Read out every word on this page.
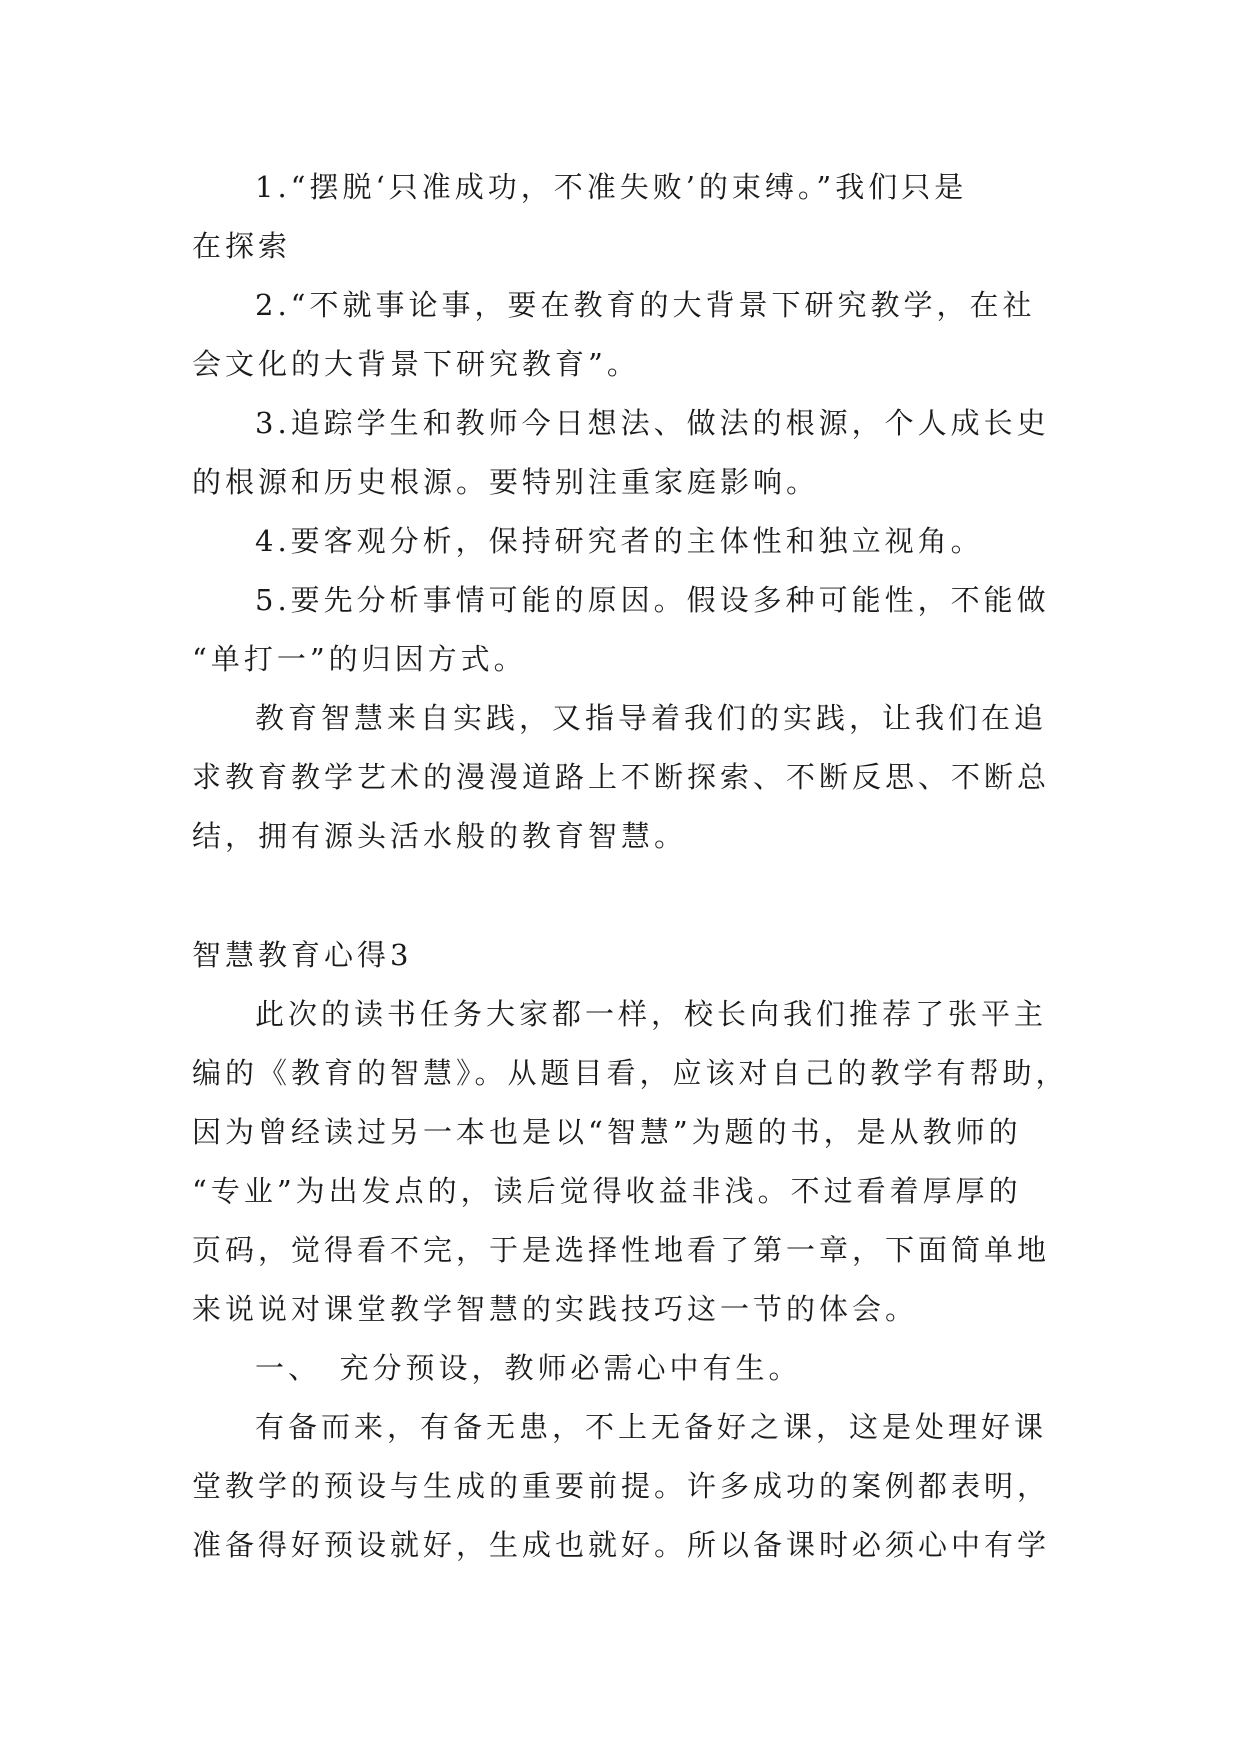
1.“摆脱‘只准成功，不准失败’的束缚。”我们只是
在探索
2.“不就事论事，要在教育的大背景下研究教学，在社
会文化的大背景下研究教育”。
3.追踪学生和教师今日想法、做法的根源，个人成长史
的根源和历史根源。要特别注重家庭影响。
4.要客观分析，保持研究者的主体性和独立视角。
5.要先分析事情可能的原因。假设多种可能性，不能做
“单打一”的归因方式。
教育智慧来自实践，又指导着我们的实践，让我们在追
求教育教学艺术的漫漫道路上不断探索、不断反思、不断总
结，拥有源头活水般的教育智慧。
智慧教育心得3
此次的读书任务大家都一样，校长向我们推荐了张平主
编的《教育的智慧》。从题目看，应该对自己的教学有帮助，
因为曾经读过另一本也是以“智慧”为题的书，是从教师的
“专业”为出发点的，读后觉得收益非浅。不过看着厚厚的
页码，觉得看不完，于是选择性地看了第一章，下面简单地
来说说对课堂教学智慧的实践技巧这一节的体会。
一、　充分预设，教师必需心中有生。
有备而来，有备无患，不上无备好之课，这是处理好课
堂教学的预设与生成的重要前提。许多成功的案例都表明，
准备得好预设就好，生成也就好。所以备课时必须心中有学
